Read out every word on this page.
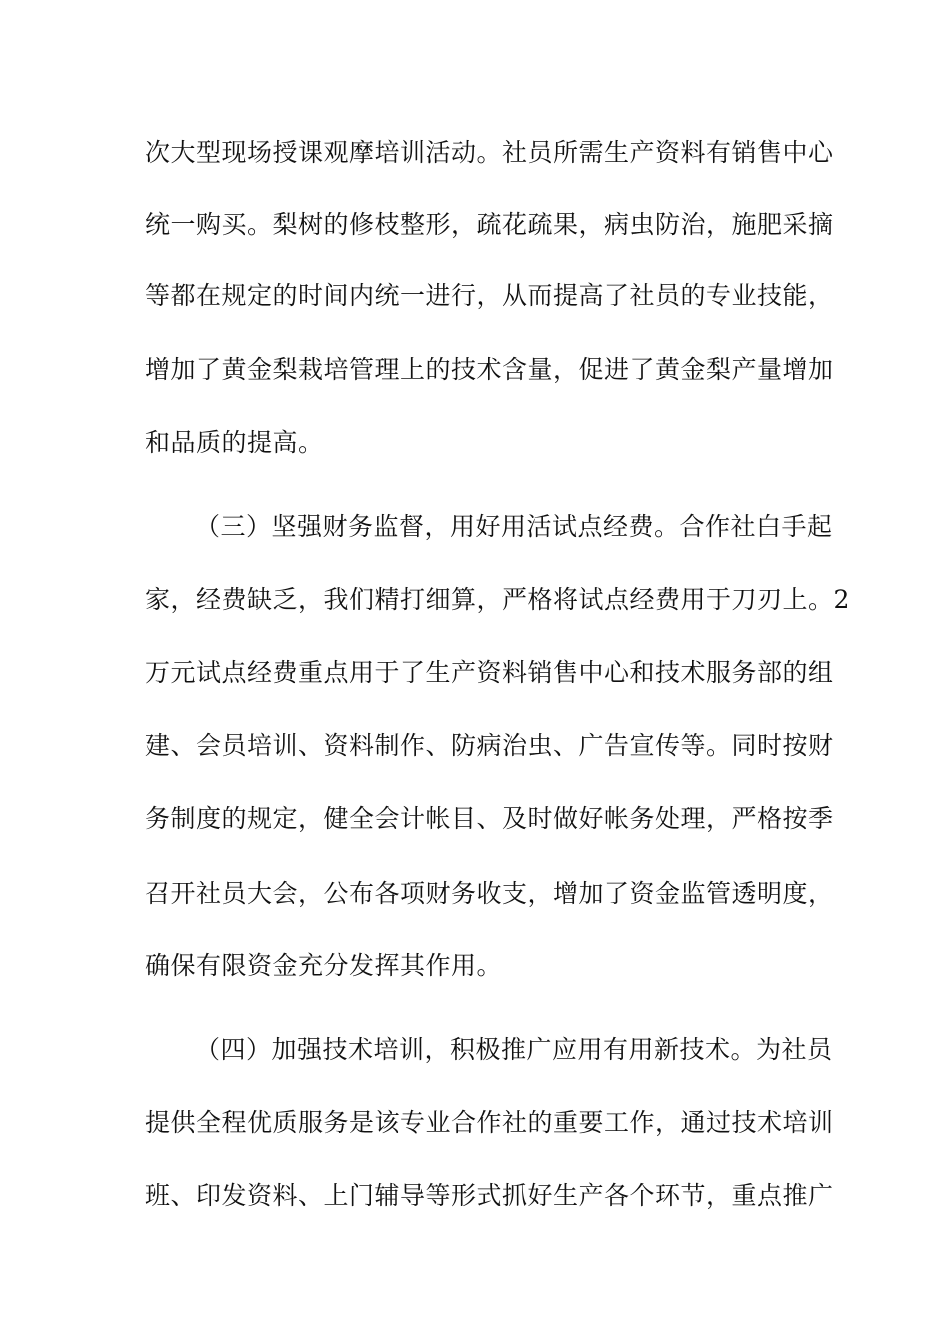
次大型现场授课观摩培训活动。社员所需生产资料有销售中心
统一购买。梨树的修枝整形，疏花疏果，病虫防治，施肥采摘
等都在规定的时间内统一进行，从而提高了社员的专业技能，
增加了黄金梨栽培管理上的技术含量，促进了黄金梨产量增加
和品质的提高。
（三）坚强财务监督，用好用活试点经费。合作社白手起
家，经费缺乏，我们精打细算，严格将试点经费用于刀刃上。2
万元试点经费重点用于了生产资料销售中心和技术服务部的组
建、会员培训、资料制作、防病治虫、广告宣传等。同时按财
务制度的规定，健全会计帐目、及时做好帐务处理，严格按季
召开社员大会，公布各项财务收支，增加了资金监管透明度，
确保有限资金充分发挥其作用。
（四）加强技术培训，积极推广应用有用新技术。为社员
提供全程优质服务是该专业合作社的重要工作，通过技术培训
班、印发资料、上门辅导等形式抓好生产各个环节，重点推广
